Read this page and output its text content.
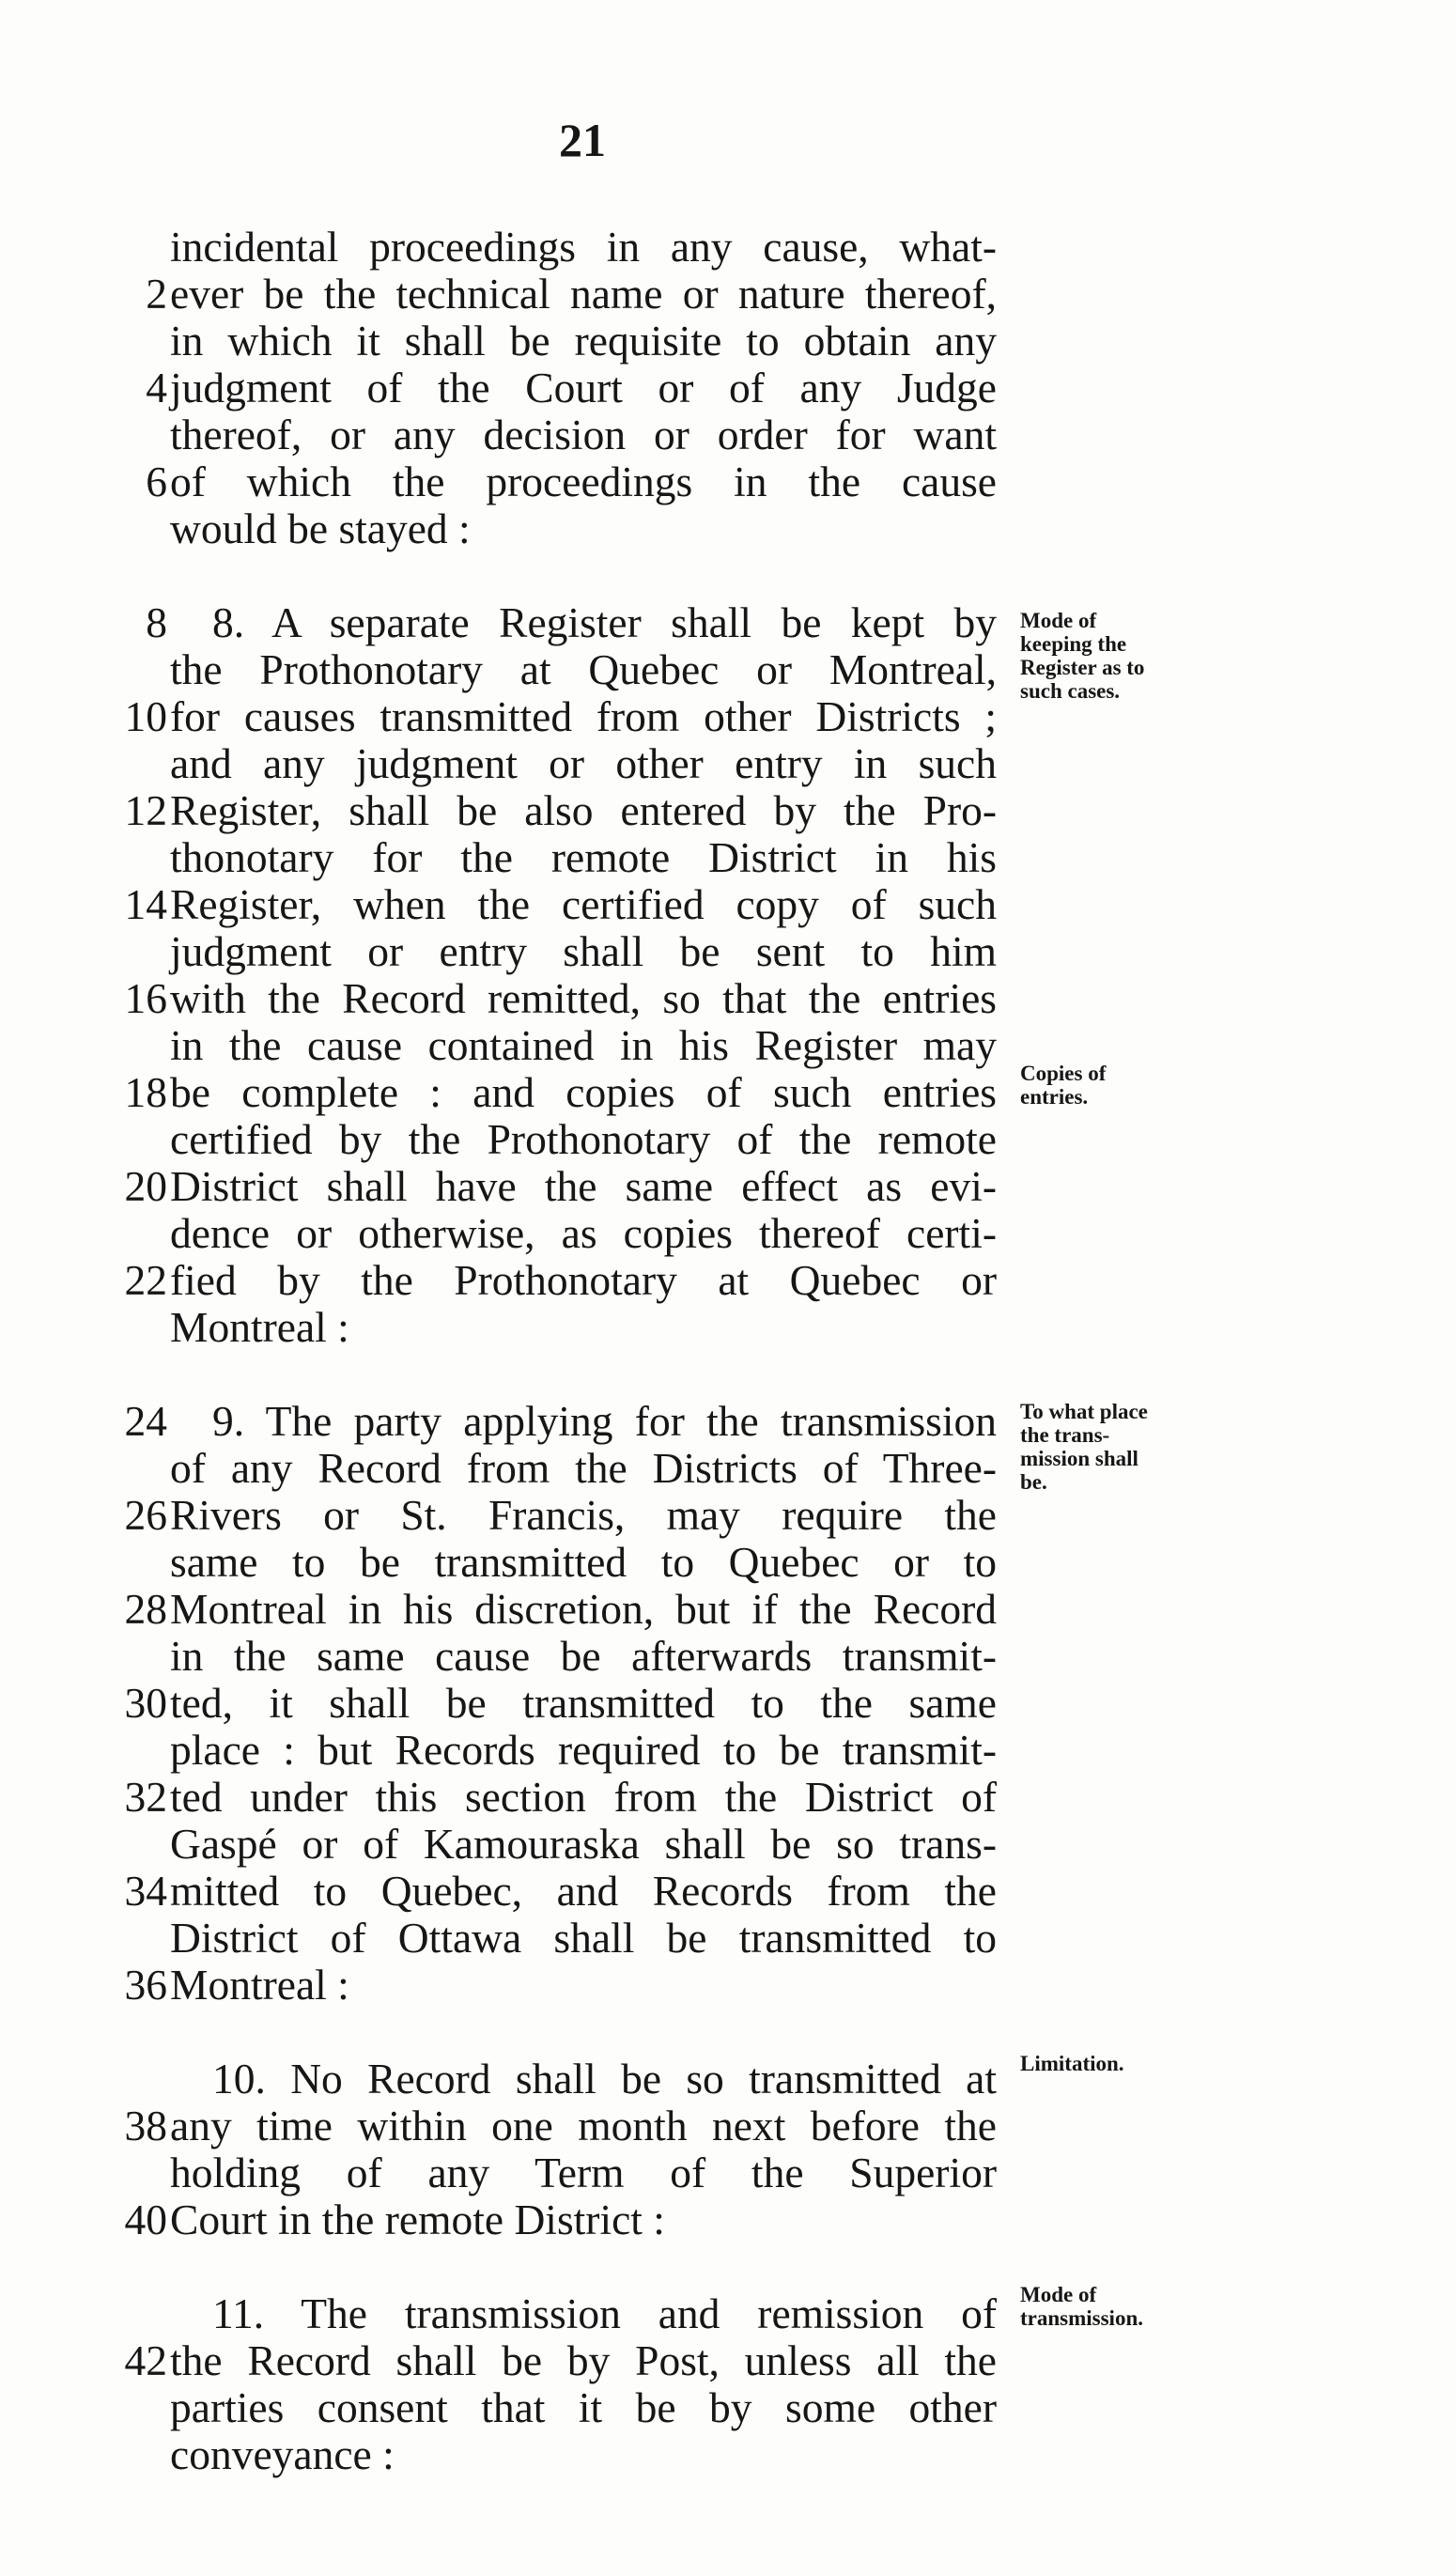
21
incidental proceedings in any cause, what-
2 ever be the technical name or nature thereof,
in which it shall be requisite to obtain any
4 judgment of the Court or of any Judge
thereof, or any decision or order for want
6 of which the proceedings in the cause
would be stayed :
8 8. A separate Register shall be kept by
the Prothonotary at Quebec or Montreal,
10 for causes transmitted from other Districts ;
and any judgment or other entry in such
12 Register, shall be also entered by the Pro-
thonotary for the remote District in his
14 Register, when the certified copy of such
judgment or entry shall be sent to him
16 with the Record remitted, so that the entries
in the cause contained in his Register may
18 be complete : and copies of such entries
certified by the Prothonotary of the remote
20 District shall have the same effect as evi-
dence or otherwise, as copies thereof certi-
22 fied by the Prothonotary at Quebec or
Montreal :
24 9. The party applying for the transmission
of any Record from the Districts of Three-
26 Rivers or St. Francis, may require the
same to be transmitted to Quebec or to
28 Montreal in his discretion, but if the Record
in the same cause be afterwards transmit-
30 ted, it shall be transmitted to the same
place : but Records required to be transmit-
32 ted under this section from the District of
Gaspé or of Kamouraska shall be so trans-
34 mitted to Quebec, and Records from the
District of Ottawa shall be transmitted to
36 Montreal :
10. No Record shall be so transmitted at
38 any time within one month next before the
holding of any Term of the Superior
40 Court in the remote District :
11. The transmission and remission of
42 the Record shall be by Post, unless all the
parties consent that it be by some other
conveyance :
Mode of
keeping the
Register as to
such cases.
Copies of
entries.
To what place
the trans-
mission shall
be.
Limitation.
Mode of
transmission.
